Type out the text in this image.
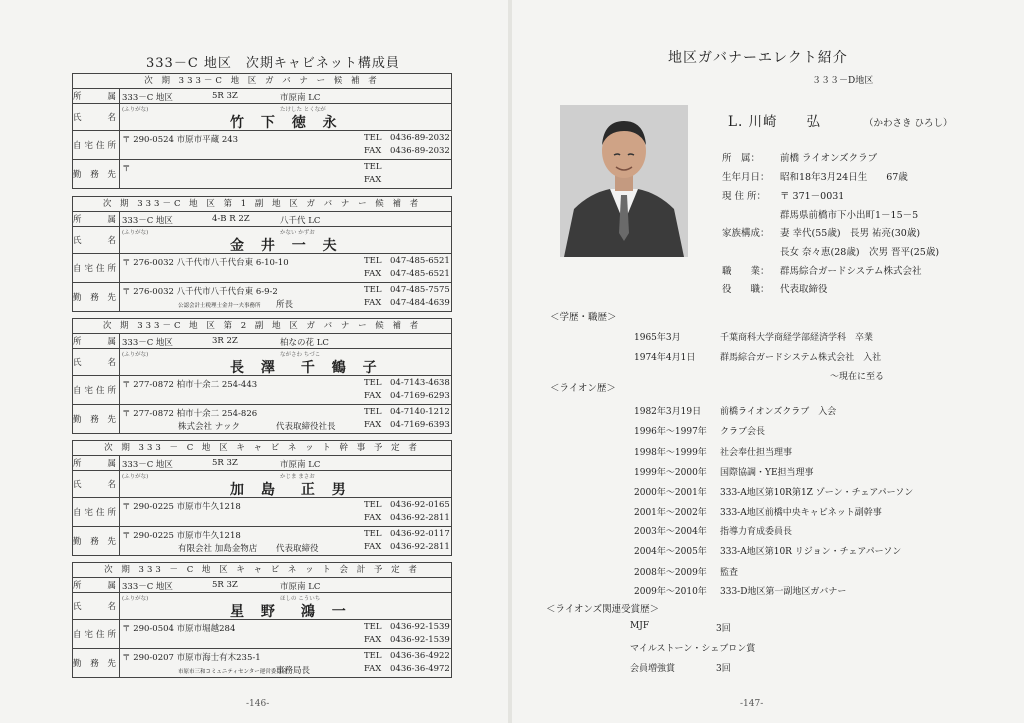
333－C 地区　次期キャビネット構成員
次 期 333－C 地 区 ガ バ ナ ー 候 補 者
所　　属 333－C 地区	5R 3Z	市原南 LC
氏　　名
(ふりがな)	たけした とくなが
竹 下 徳 永
自宅住所
〒 290-0524 市原市平蔵 243	TEL 0436-89-2032
FAX 0436-89-2032
勤 務 先
〒	TEL
FAX
次 期 333－C 地 区 第 1 副 地 区 ガ バ ナ ー 候 補 者
所　　属 333－C 地区	4-B R 2Z	八千代 LC
氏　　名
(ふりがな)	かない かずお
金 井 一 夫
自宅住所
〒 276-0032 八千代市八千代台東 6-10-10	TEL 047-485-6521
FAX 047-485-6521
勤 務 先
〒 276-0032 八千代市八千代台東 6-9-2
公認会計士税理士金井一夫事務所 所長
TEL 047-485-7575
FAX 047-484-4639
次 期 333－C 地 区 第 2 副 地 区 ガ バ ナ ー 候 補 者
所　　属 333－C 地区	3R 2Z	柏なの花 LC
氏　　名
(ふりがな)	ながさわ ちづこ
長 澤　千 鶴 子
自宅住所
〒 277-0872 柏市十余二 254-443	TEL 04-7143-4638
FAX 04-7169-6293
勤 務 先
〒 277-0872 柏市十余二 254-826
株式会社 ナック	代表取締役社長
TEL 04-7140-1212
FAX 04-7169-6393
次 期 333 － C 地 区 キ ャ ビ ネ ッ ト 幹 事 予 定 者
所　　属 333－C 地区	5R 3Z	市原南 LC
氏　　名
(ふりがな)	かじま まさお
加 島　正 男
自宅住所
〒 290-0225 市原市牛久1218	TEL 0436-92-0165
FAX 0436-92-2811
勤 務 先
〒 290-0225 市原市牛久1218
有限会社 加島金物店 代表取締役
TEL 0436-92-0117
FAX 0436-92-2811
次 期 333 － C 地 区 キ ャ ビ ネ ッ ト 会 計 予 定 者
所　　属 333－C 地区	5R 3Z	市原南 LC
氏　　名
(ふりがな)	ほしの こういち
星 野　鴻 一
自宅住所
〒 290-0504 市原市堀越284	TEL 0436-92-1539
FAX 0436-92-1539
勤 務 先
〒 290-0207 市原市海士有木235-1
市原市三和コミュニティセンター運営委員会
事務局長
TEL 0436-36-4922
FAX 0436-36-4972
-146-
地区ガバナーエレクト紹介
３３３－D地区
L. 川崎　　弘	（かわさき ひろし）
所　属： 前橋 ライオンズクラブ
生年月日： 昭和18年3月24日生　　67歳
現 住 所： 〒 371－0031
群馬県前橋市下小出町1－15－5
家族構成： 妻 幸代(55歳)　長男 祐亮(30歳)
長女 奈々恵(28歳)　次男 晋平(25歳)
職　　業： 群馬綜合ガードシステム株式会社
役　　職： 代表取締役
＜学歴・職歴＞
1965年3月	千葉商科大学商経学部経済学科　卒業
1974年4月1日	群馬綜合ガードシステム株式会社　入社
～現在に至る
＜ライオン歴＞
1982年3月19日 前橋ライオンズクラブ　入会
1996年～1997年 クラブ会長
1998年～1999年 社会奉仕担当理事
1999年～2000年 国際協調・YE担当理事
2000年～2001年 333-A地区第10R第1Z ゾーン・チェアパーソン
2001年～2002年 333-A地区前橋中央キャビネット副幹事
2003年～2004年 指導力育成委員長
2004年～2005年 333-A地区第10R リジョン・チェアパーソン
2008年～2009年 監査
2009年～2010年 333-D地区第一副地区ガバナー
＜ライオンズ関連受賞歴＞
MJF	3回
マイルストーン・シェブロン賞
会員増強賞	3回
-147-
